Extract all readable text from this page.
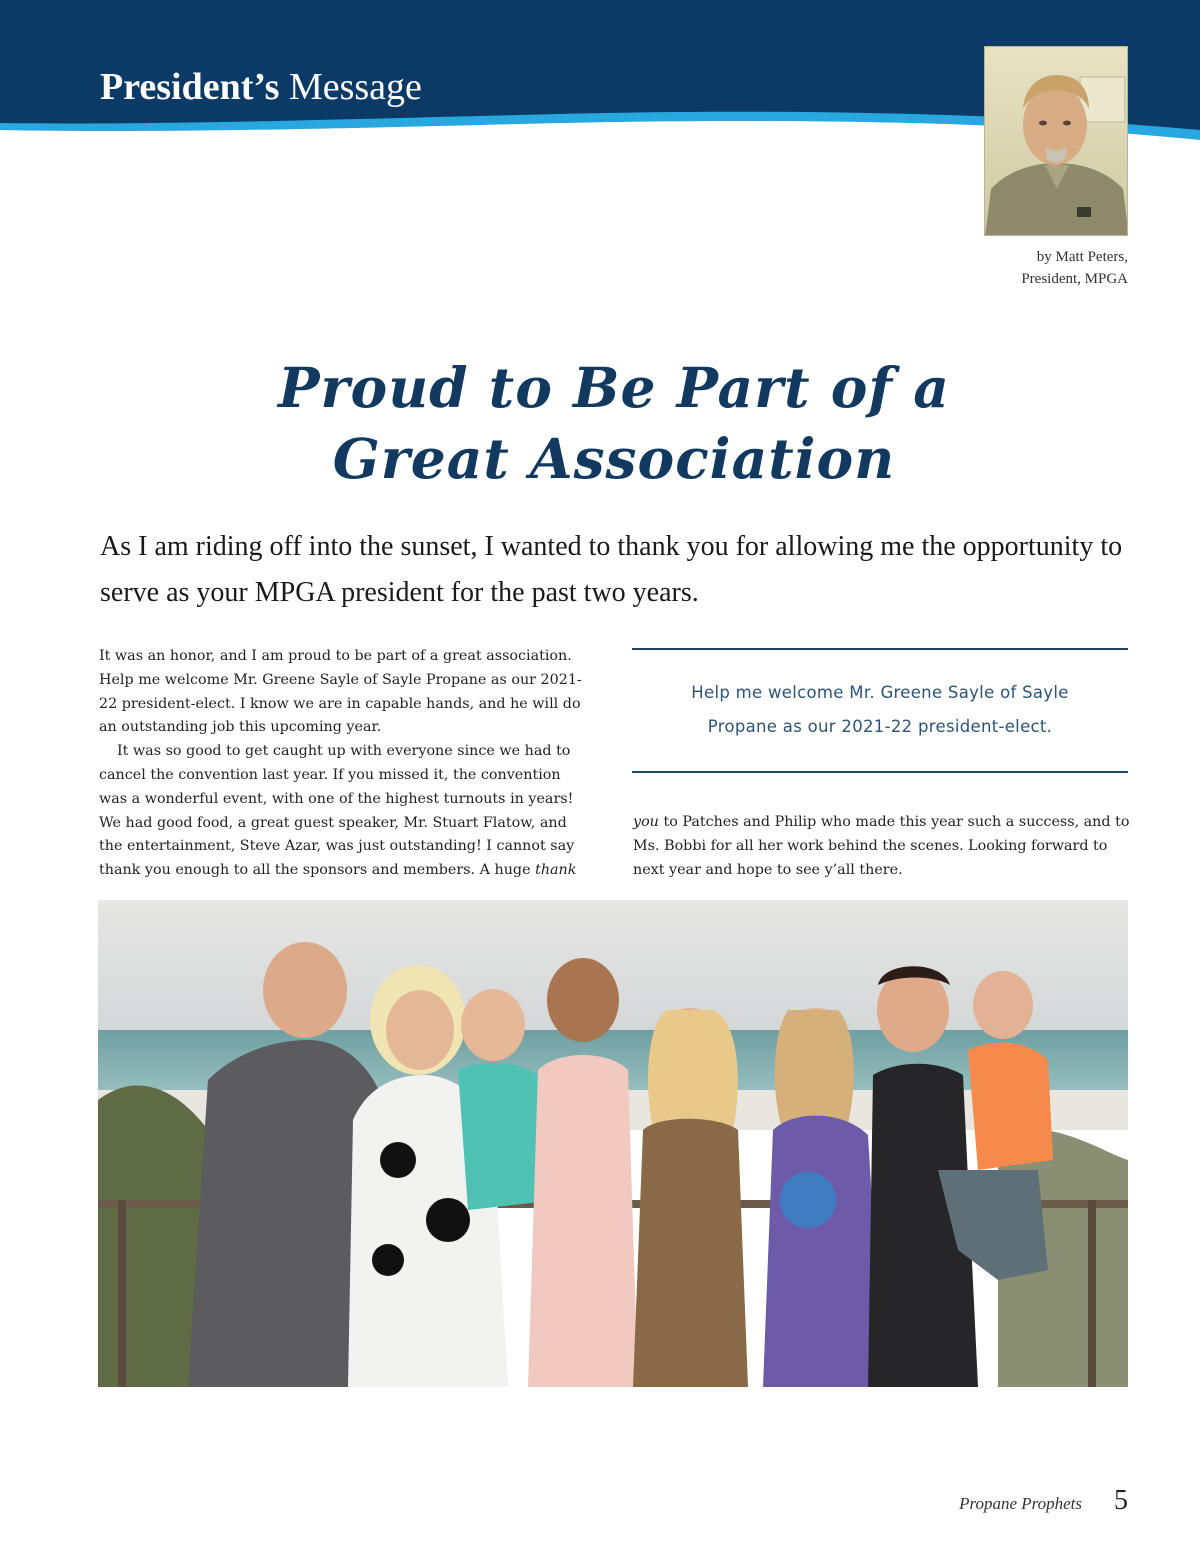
President’s Message
by Matt Peters,
President, MPGA
Proud to Be Part of a
Great Association

As I am riding off into the sunset, I wanted to thank you for allowing me the opportunity to serve as your MPGA president for the past two years.

It was an honor, and I am proud to be part of a great association. Help me welcome Mr. Greene Sayle of Sayle Propane as our 2021-22 president-elect. I know we are in capable hands, and he will do an outstanding job this upcoming year.

It was so good to get caught up with everyone since we had to cancel the convention last year. If you missed it, the convention was a wonderful event, with one of the highest turnouts in years! We had good food, a great guest speaker, Mr. Stuart Flatow, and the entertainment, Steve Azar, was just outstanding! I cannot say thank you enough to all the sponsors and members. A huge thank

Help me welcome Mr. Greene Sayle of Sayle
Propane as our 2021-22 president-elect.

you to Patches and Philip who made this year such a success, and to Ms. Bobbi for all her work behind the scenes. Looking forward to next year and hope to see y’all there.

Propane Prophets 5
